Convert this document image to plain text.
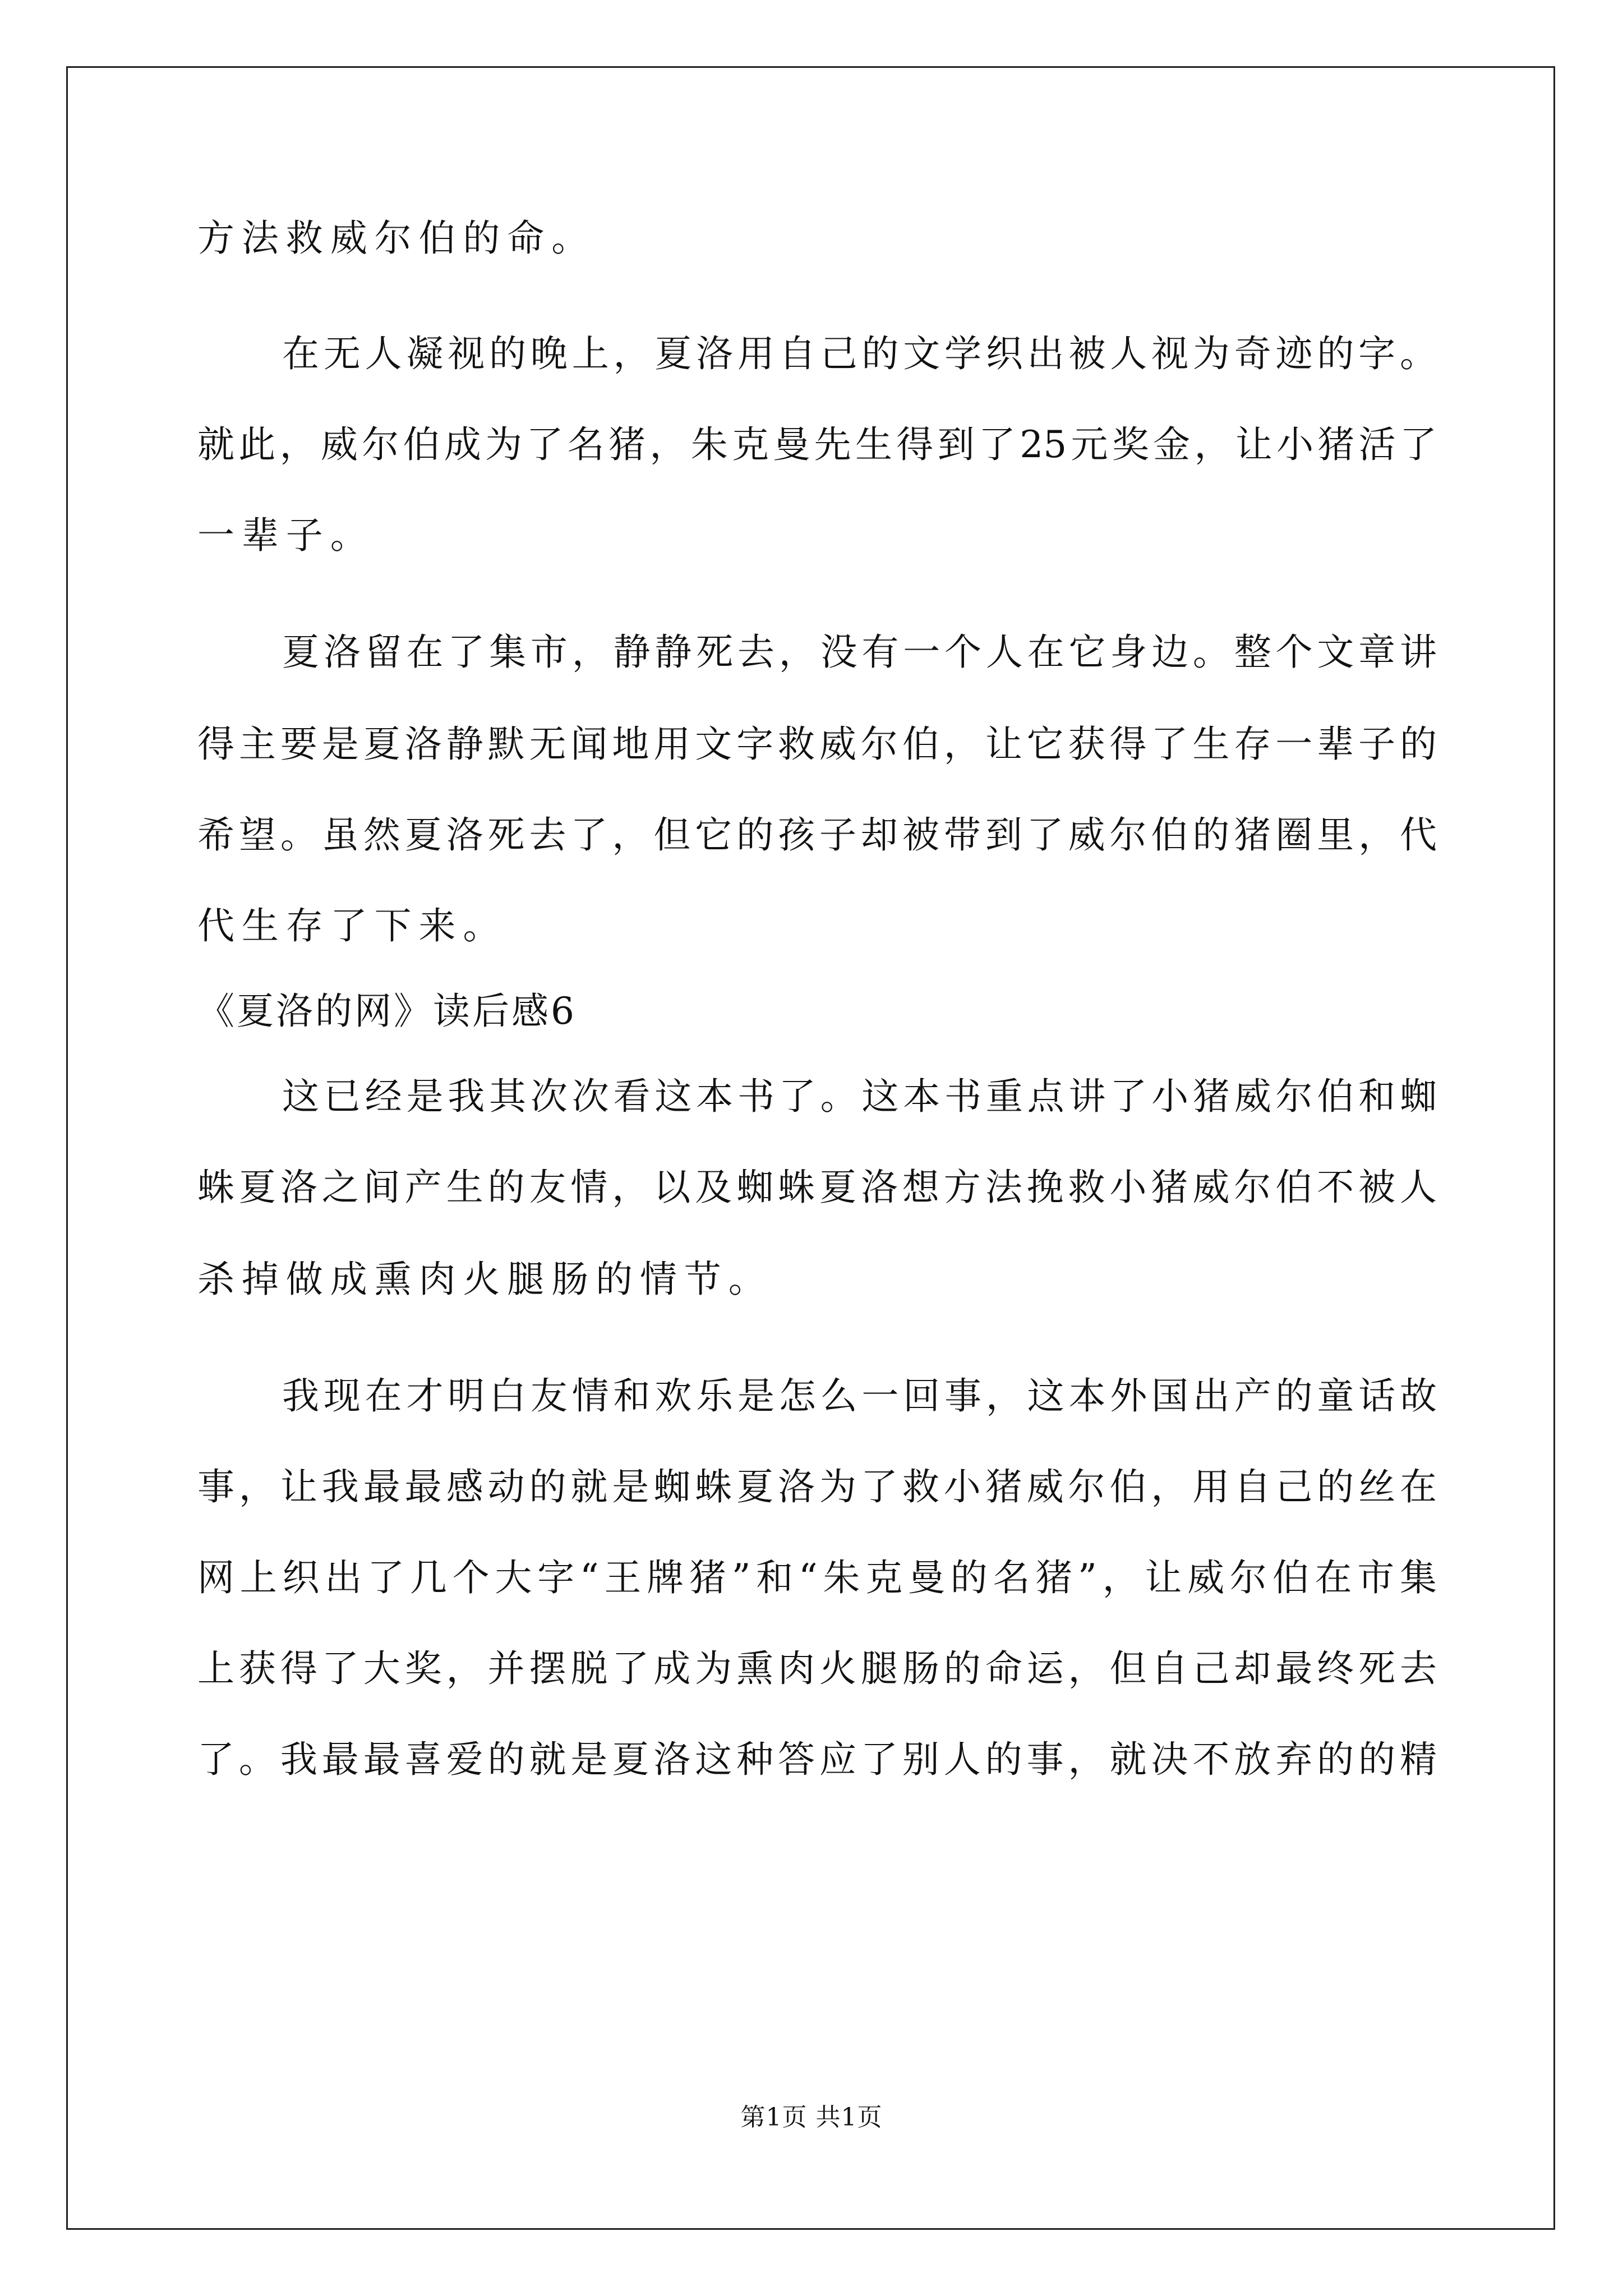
方法救威尔伯的命。
在无人凝视的晚上，夏洛用自己的文学织出被人视为奇迹的字。
就此，威尔伯成为了名猪，朱克曼先生得到了25元奖金，让小猪活了
一辈子。
夏洛留在了集市，静静死去，没有一个人在它身边。整个文章讲
得主要是夏洛静默无闻地用文字救威尔伯，让它获得了生存一辈子的
希望。虽然夏洛死去了，但它的孩子却被带到了威尔伯的猪圈里，代
代生存了下来。
《夏洛的网》读后感6
这已经是我其次次看这本书了。这本书重点讲了小猪威尔伯和蜘
蛛夏洛之间产生的友情，以及蜘蛛夏洛想方法挽救小猪威尔伯不被人
杀掉做成熏肉火腿肠的情节。
我现在才明白友情和欢乐是怎么一回事，这本外国出产的童话故
事，让我最最感动的就是蜘蛛夏洛为了救小猪威尔伯，用自己的丝在
网上织出了几个大字“王牌猪”和“朱克曼的名猪”，让威尔伯在市集
上获得了大奖，并摆脱了成为熏肉火腿肠的命运，但自己却最终死去
了。我最最喜爱的就是夏洛这种答应了别人的事，就决不放弃的的精
第1页 共1页
